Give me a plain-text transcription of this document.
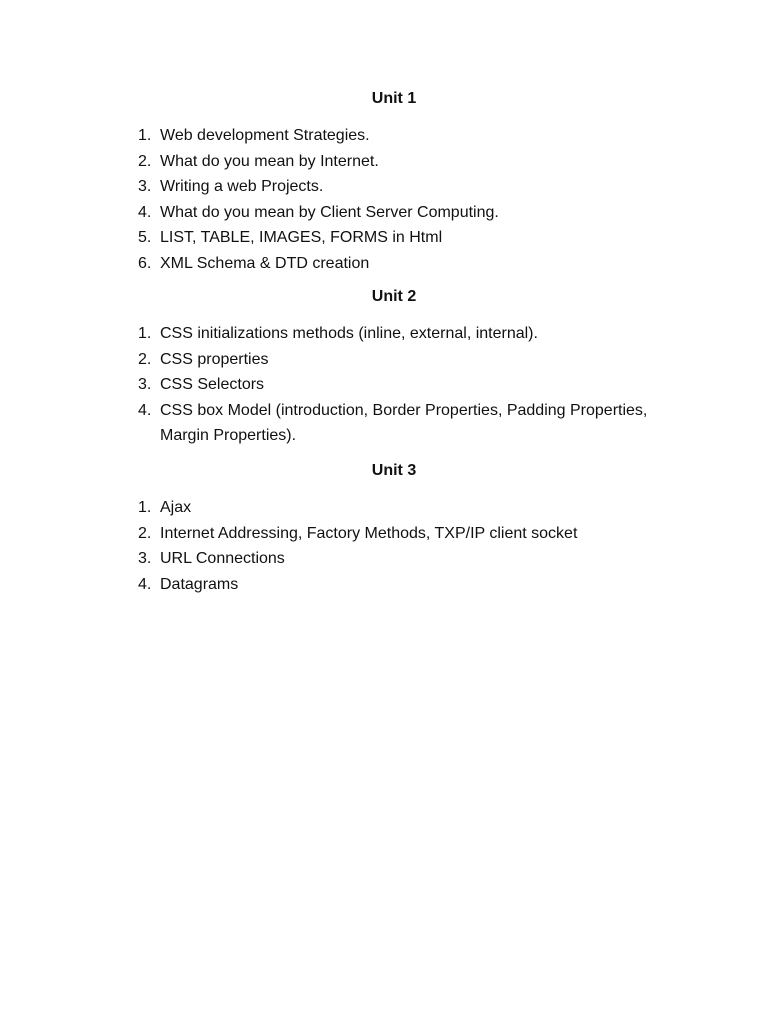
Unit 1
1. Web development Strategies.
2. What do you mean by Internet.
3. Writing a web Projects.
4. What do you mean by Client Server Computing.
5. LIST, TABLE, IMAGES, FORMS in Html
6. XML Schema & DTD creation
Unit 2
1. CSS initializations methods (inline, external, internal).
2. CSS properties
3. CSS Selectors
4. CSS box Model (introduction, Border Properties, Padding Properties, Margin Properties).
Unit 3
1. Ajax
2. Internet Addressing, Factory Methods, TXP/IP client socket
3. URL Connections
4. Datagrams
